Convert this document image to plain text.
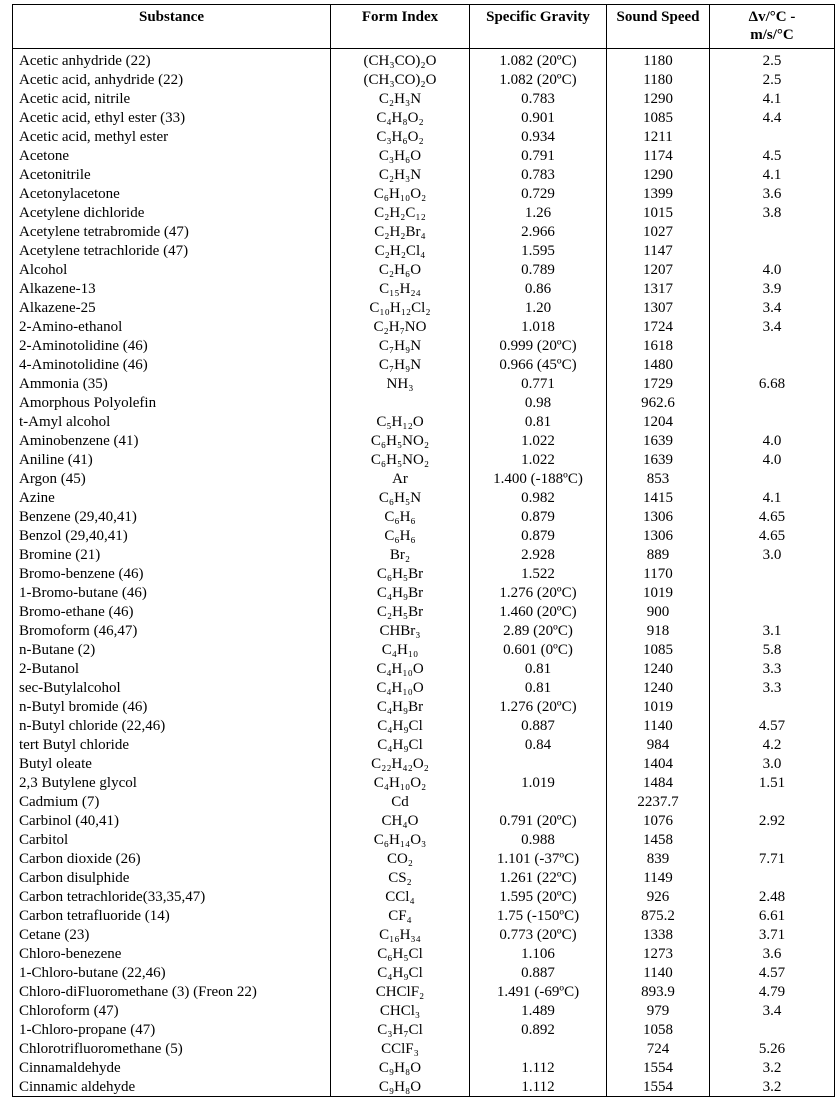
Substance	Form Index	Specific Gravity	Sound Speed	Δv/°C -
m/s/°C
Acetic anhydride (22)	(CH₃CO)₂O	1.082 (20ºC)	1180	2.5
Acetic acid, anhydride (22)	(CH₃CO)₂O	1.082 (20ºC)	1180	2.5
Acetic acid, nitrile	C₂H₃N	0.783	1290	4.1
Acetic acid, ethyl ester (33)	C₄H₈O₂	0.901	1085	4.4
Acetic acid, methyl ester	C₃H₆O₂	0.934	1211	
Acetone	C₃H₆O	0.791	1174	4.5
Acetonitrile	C₂H₃N	0.783	1290	4.1
Acetonylacetone	C₆H₁₀O₂	0.729	1399	3.6
Acetylene dichloride	C₂H₂C₁₂	1.26	1015	3.8
Acetylene tetrabromide (47)	C₂H₂Br₄	2.966	1027	
Acetylene tetrachloride (47)	C₂H₂Cl₄	1.595	1147	
Alcohol	C₂H₆O	0.789	1207	4.0
Alkazene-13	C₁₅H₂₄	0.86	1317	3.9
Alkazene-25	C₁₀H₁₂Cl₂	1.20	1307	3.4
2-Amino-ethanol	C₂H₇NO	1.018	1724	3.4
2-Aminotolidine (46)	C₇H₉N	0.999 (20ºC)	1618	
4-Aminotolidine (46)	C₇H₉N	0.966 (45ºC)	1480	
Ammonia (35)	NH₃	0.771	1729	6.68
Amorphous Polyolefin		0.98	962.6	
t-Amyl alcohol	C₅H₁₂O	0.81	1204	
Aminobenzene (41)	C₆H₅NO₂	1.022	1639	4.0
Aniline (41)	C₆H₅NO₂	1.022	1639	4.0
Argon (45)	Ar	1.400 (-188ºC)	853	
Azine	C₆H₅N	0.982	1415	4.1
Benzene (29,40,41)	C₆H₆	0.879	1306	4.65
Benzol (29,40,41)	C₆H₆	0.879	1306	4.65
Bromine (21)	Br₂	2.928	889	3.0
Bromo-benzene (46)	C₆H₅Br	1.522	1170	
1-Bromo-butane (46)	C₄H₉Br	1.276 (20ºC)	1019	
Bromo-ethane (46)	C₂H₅Br	1.460 (20ºC)	900	
Bromoform (46,47)	CHBr₃	2.89 (20ºC)	918	3.1
n-Butane (2)	C₄H₁₀	0.601 (0ºC)	1085	5.8
2-Butanol	C₄H₁₀O	0.81	1240	3.3
sec-Butylalcohol	C₄H₁₀O	0.81	1240	3.3
n-Butyl bromide (46)	C₄H₉Br	1.276 (20ºC)	1019	
n-Butyl chloride (22,46)	C₄H₉Cl	0.887	1140	4.57
tert Butyl chloride	C₄H₉Cl	0.84	984	4.2
Butyl oleate	C₂₂H₄₂O₂		1404	3.0
2,3 Butylene glycol	C₄H₁₀O₂	1.019	1484	1.51
Cadmium (7)	Cd		2237.7	
Carbinol (40,41)	CH₄O	0.791 (20ºC)	1076	2.92
Carbitol	C₆H₁₄O₃	0.988	1458	
Carbon dioxide (26)	CO₂	1.101 (-37ºC)	839	7.71
Carbon disulphide	CS₂	1.261 (22ºC)	1149	
Carbon tetrachloride(33,35,47)	CCl₄	1.595 (20ºC)	926	2.48
Carbon tetrafluoride (14)	CF₄	1.75 (-150ºC)	875.2	6.61
Cetane (23)	C₁₆H₃₄	0.773 (20ºC)	1338	3.71
Chloro-benezene	C₆H₅Cl	1.106	1273	3.6
1-Chloro-butane (22,46)	C₄H₉Cl	0.887	1140	4.57
Chloro-diFluoromethane (3) (Freon 22)	CHClF₂	1.491 (-69ºC)	893.9	4.79
Chloroform (47)	CHCl₃	1.489	979	3.4
1-Chloro-propane (47)	C₃H₇Cl	0.892	1058	
Chlorotrifluoromethane (5)	CClF₃		724	5.26
Cinnamaldehyde	C₉H₈O	1.112	1554	3.2
Cinnamic aldehyde	C₉H₈O	1.112	1554	3.2
